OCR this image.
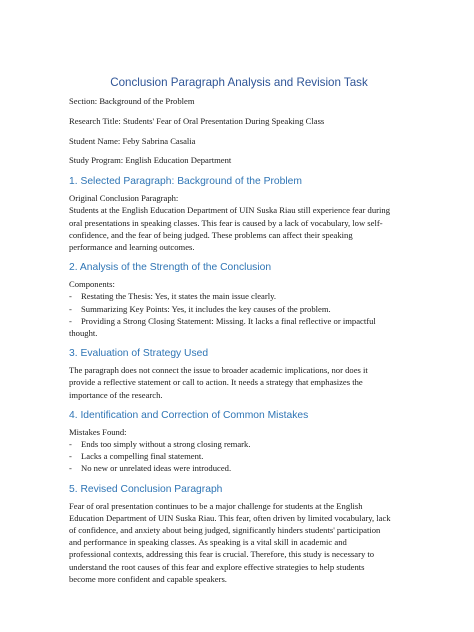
Conclusion Paragraph Analysis and Revision Task
Section: Background of the Problem
Research Title: Students' Fear of Oral Presentation During Speaking Class
Student Name: Feby Sabrina Casalia
Study Program: English Education Department
1. Selected Paragraph: Background of the Problem
Original Conclusion Paragraph:
Students at the English Education Department of UIN Suska Riau still experience fear during
oral presentations in speaking classes. This fear is caused by a lack of vocabulary, low self-
confidence, and the fear of being judged. These problems can affect their speaking
performance and learning outcomes.
2. Analysis of the Strength of the Conclusion
Components:
-	Restating the Thesis: Yes, it states the main issue clearly.
-	Summarizing Key Points: Yes, it includes the key causes of the problem.
-	Providing a Strong Closing Statement: Missing. It lacks a final reflective or impactful
thought.
3. Evaluation of Strategy Used
The paragraph does not connect the issue to broader academic implications, nor does it
provide a reflective statement or call to action. It needs a strategy that emphasizes the
importance of the research.
4. Identification and Correction of Common Mistakes
Mistakes Found:
-	Ends too simply without a strong closing remark.
-	Lacks a compelling final statement.
-	No new or unrelated ideas were introduced.
5. Revised Conclusion Paragraph
Fear of oral presentation continues to be a major challenge for students at the English
Education Department of UIN Suska Riau. This fear, often driven by limited vocabulary, lack
of confidence, and anxiety about being judged, significantly hinders students' participation
and performance in speaking classes. As speaking is a vital skill in academic and
professional contexts, addressing this fear is crucial. Therefore, this study is necessary to
understand the root causes of this fear and explore effective strategies to help students
become more confident and capable speakers.
